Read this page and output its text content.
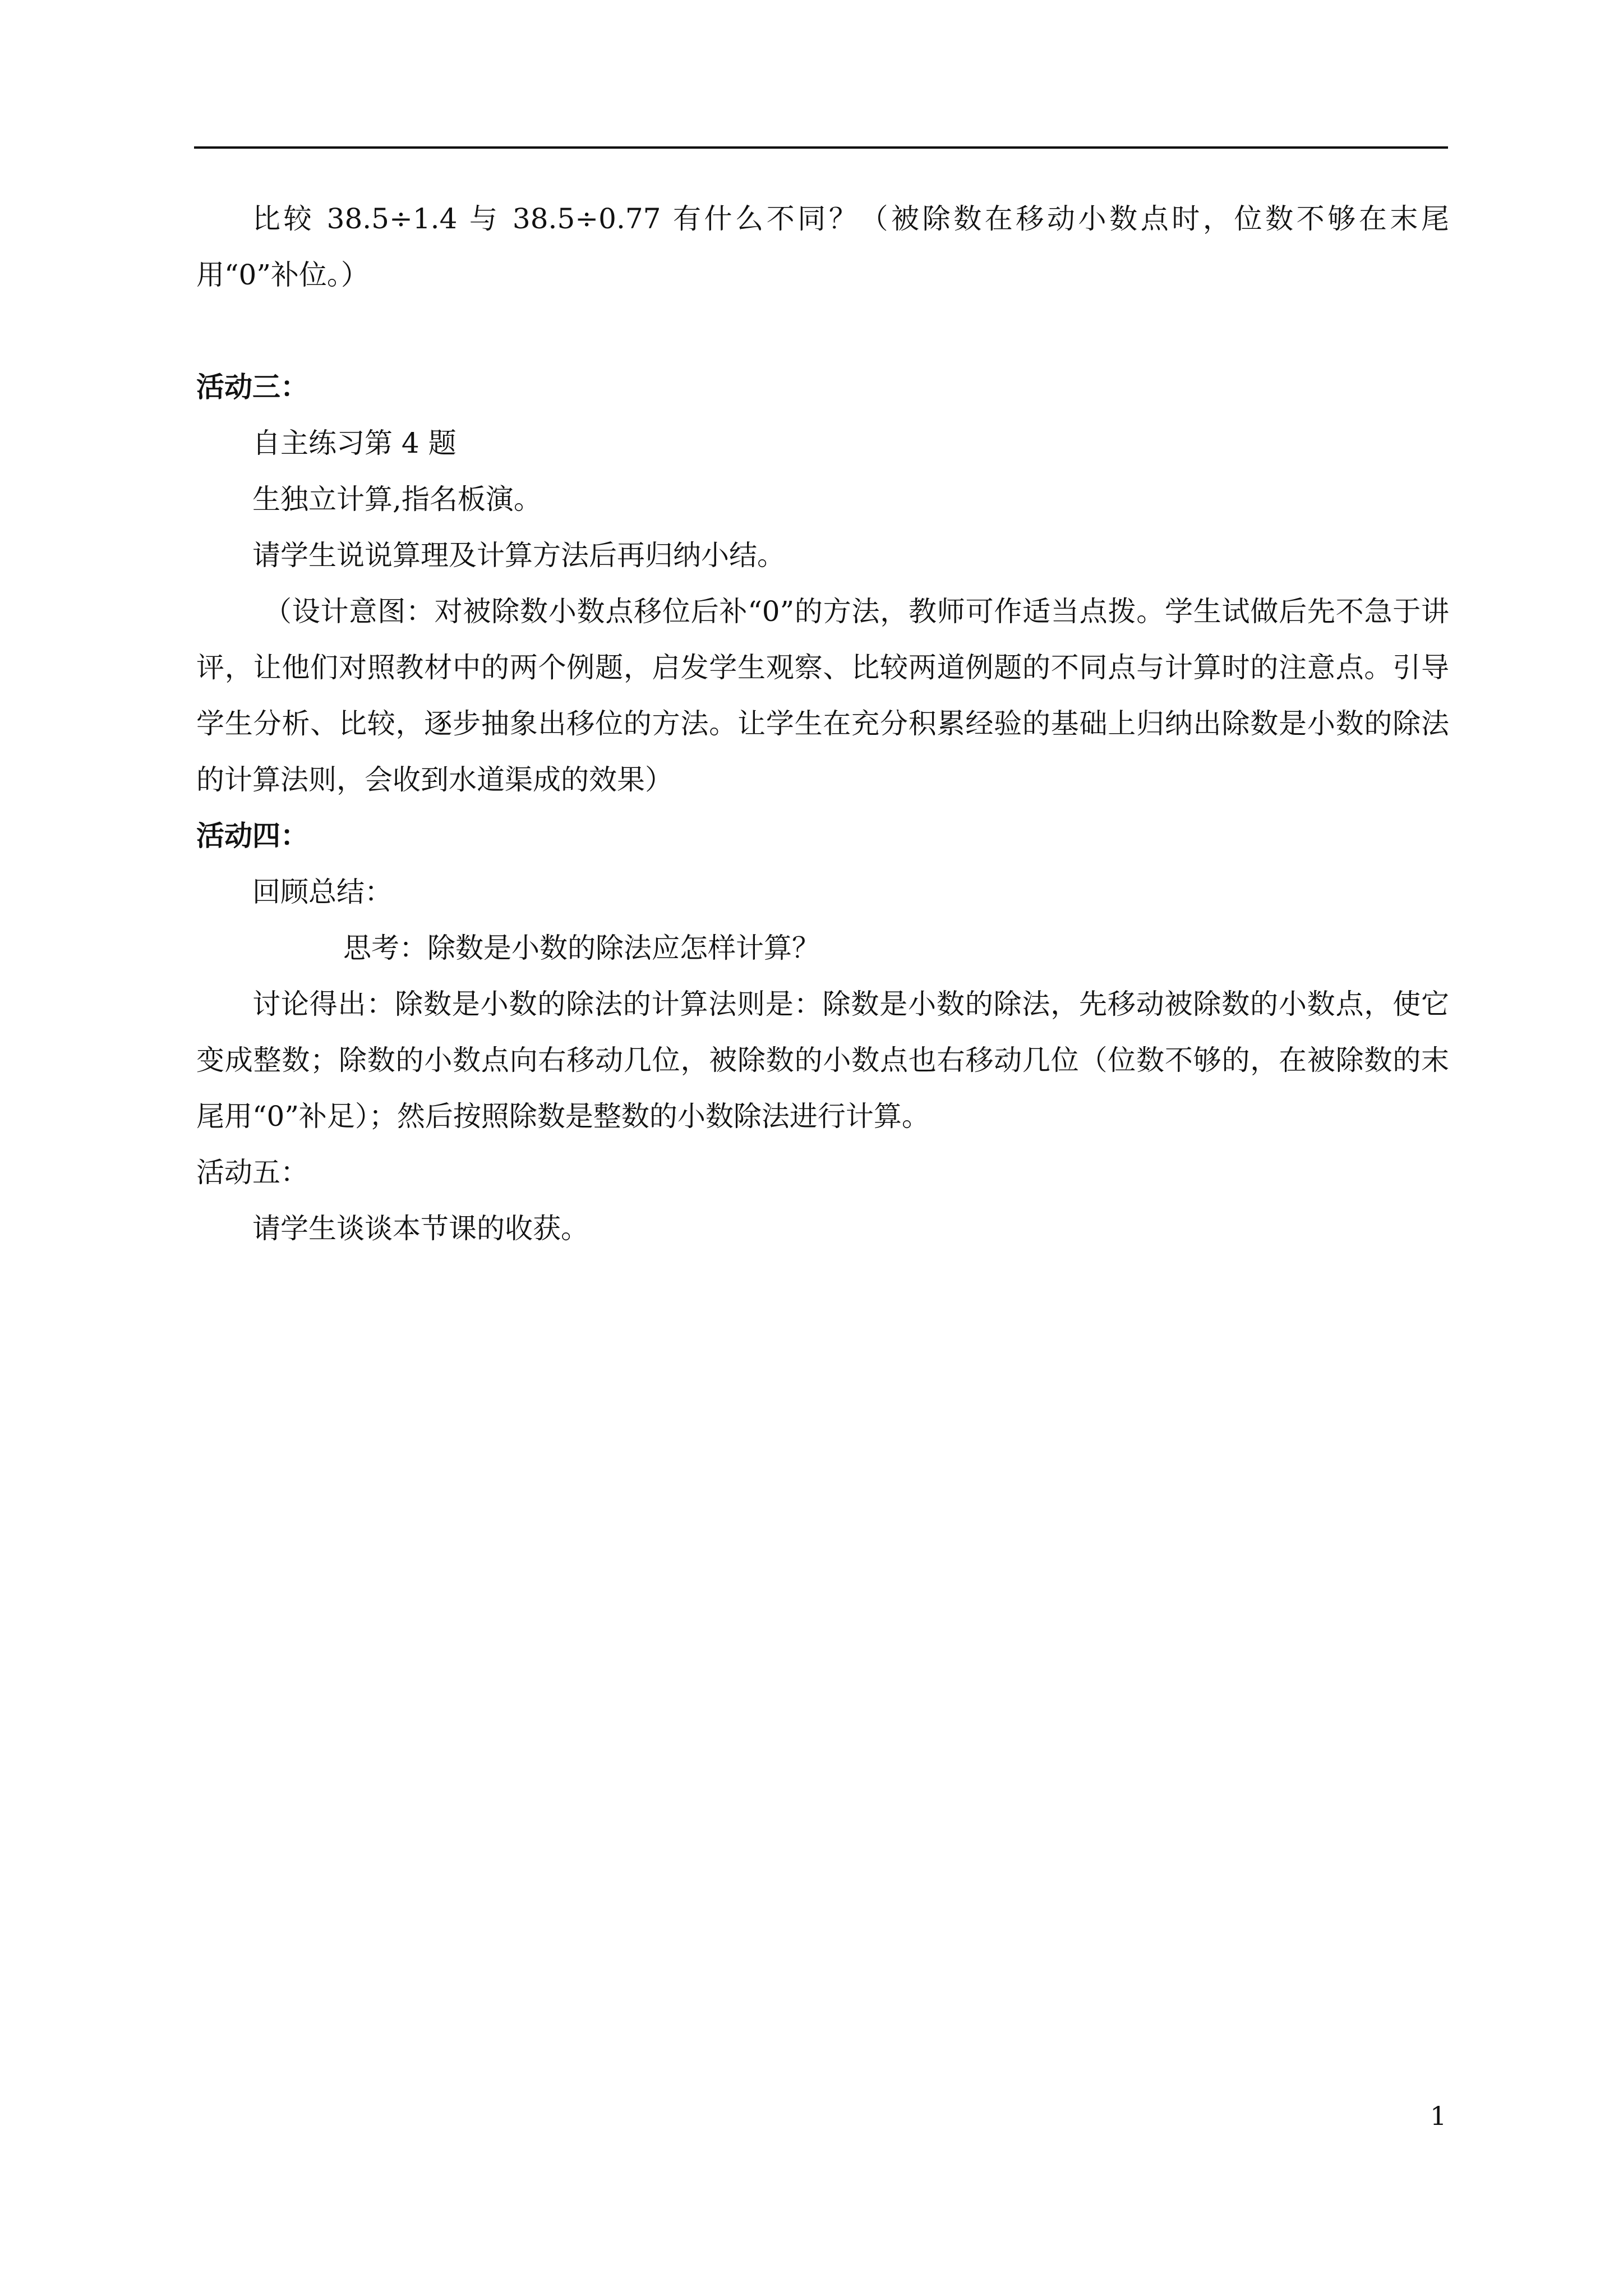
比较 38.5÷1.4 与 38.5÷0.77 有什么不同？（被除数在移动小数点时，位数不够在末尾用“0”补位。）

活动三：

自主练习第 4 题

生独立计算,指名板演。

请学生说说算理及计算方法后再归纳小结。

（设计意图：对被除数小数点移位后补“0”的方法，教师可作适当点拨。学生试做后先不急于讲评，让他们对照教材中的两个例题，启发学生观察、比较两道例题的不同点与计算时的注意点。引导学生分析、比较，逐步抽象出移位的方法。让学生在充分积累经验的基础上归纳出除数是小数的除法的计算法则，会收到水道渠成的效果）

活动四：

回顾总结：

思考：除数是小数的除法应怎样计算？

讨论得出：除数是小数的除法的计算法则是：除数是小数的除法，先移动被除数的小数点，使它变成整数；除数的小数点向右移动几位，被除数的小数点也右移动几位（位数不够的，在被除数的末尾用“0”补足）；然后按照除数是整数的小数除法进行计算。

活动五：

请学生谈谈本节课的收获。

1
